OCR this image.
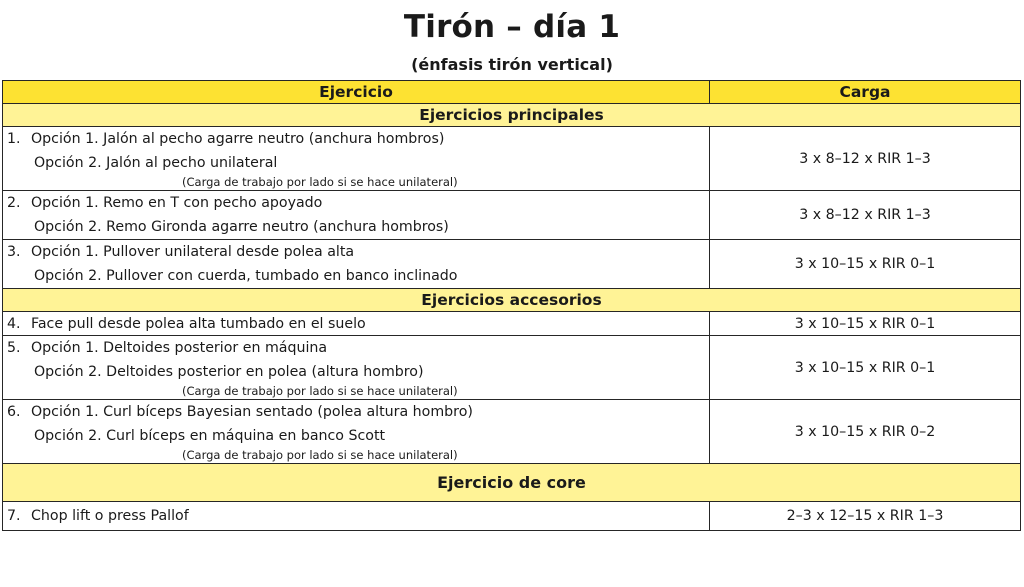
Tirón – día 1
(énfasis tirón vertical)
Ejercicio	Carga
Ejercicios principales	

1. Opción 1. Jalón al pecho agarre neutro (anchura hombros)
Opción 2. Jalón al pecho unilateral
(Carga de trabajo por lado si se hace unilateral)	3 x 8–12 x RIR 1–3

2. Opción 1. Remo en T con pecho apoyado
Opción 2. Remo Gironda agarre neutro (anchura hombros)	3 x 8–12 x RIR 1–3

3. Opción 1. Pullover unilateral desde polea alta
Opción 2. Pullover con cuerda, tumbado en banco inclinado	3 x 10–15 x RIR 0–1
Ejercicios accesorios	
4. Face pull desde polea alta tumbado en el suelo	3 x 10–15 x RIR 0–1

5. Opción 1. Deltoides posterior en máquina
Opción 2. Deltoides posterior en polea (altura hombro)
(Carga de trabajo por lado si se hace unilateral)	3 x 10–15 x RIR 0–1

6. Opción 1. Curl bíceps Bayesian sentado (polea altura hombro)
Opción 2. Curl bíceps en máquina en banco Scott
(Carga de trabajo por lado si se hace unilateral)	3 x 10–15 x RIR 0–2
Ejercicio de core	
7. Chop lift o press Pallof	2–3 x 12–15 x RIR 1–3
